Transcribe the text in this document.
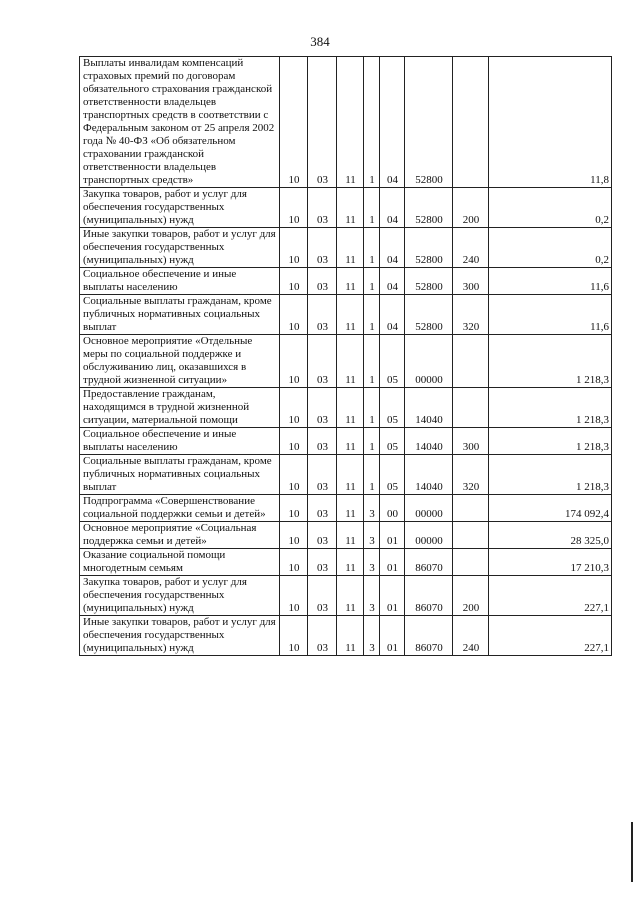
384
Выплаты инвалидам компенсаций страховых премий по договорам обязательного страхования гражданской ответственности владельцев транспортных средств в соответствии с Федеральным законом от 25 апреля 2002 года № 40-ФЗ «Об обязательном страховании гражданской ответственности владельцев транспортных средств»	10	03	11	1	04	52800		11,8
Закупка товаров, работ и услуг для обеспечения государственных (муниципальных) нужд	10	03	11	1	04	52800	200	0,2
Иные закупки товаров, работ и услуг для обеспечения государственных (муниципальных) нужд	10	03	11	1	04	52800	240	0,2
Социальное обеспечение и иные выплаты населению	10	03	11	1	04	52800	300	11,6
Социальные выплаты гражданам, кроме публичных нормативных социальных выплат	10	03	11	1	04	52800	320	11,6
Основное мероприятие «Отдельные меры по социальной поддержке и обслуживанию лиц, оказавшихся в трудной жизненной ситуации»	10	03	11	1	05	00000		1 218,3
Предоставление гражданам, находящимся в трудной жизненной ситуации, материальной помощи	10	03	11	1	05	14040		1 218,3
Социальное обеспечение и иные выплаты населению	10	03	11	1	05	14040	300	1 218,3
Социальные выплаты гражданам, кроме публичных нормативных социальных выплат	10	03	11	1	05	14040	320	1 218,3
Подпрограмма «Совершенствование социальной поддержки семьи и детей»	10	03	11	3	00	00000		174 092,4
Основное мероприятие «Социальная поддержка семьи и детей»	10	03	11	3	01	00000		28 325,0
Оказание социальной помощи многодетным семьям	10	03	11	3	01	86070		17 210,3
Закупка товаров, работ и услуг для обеспечения государственных (муниципальных) нужд	10	03	11	3	01	86070	200	227,1
Иные закупки товаров, работ и услуг для обеспечения государственных (муниципальных) нужд	10	03	11	3	01	86070	240	227,1
